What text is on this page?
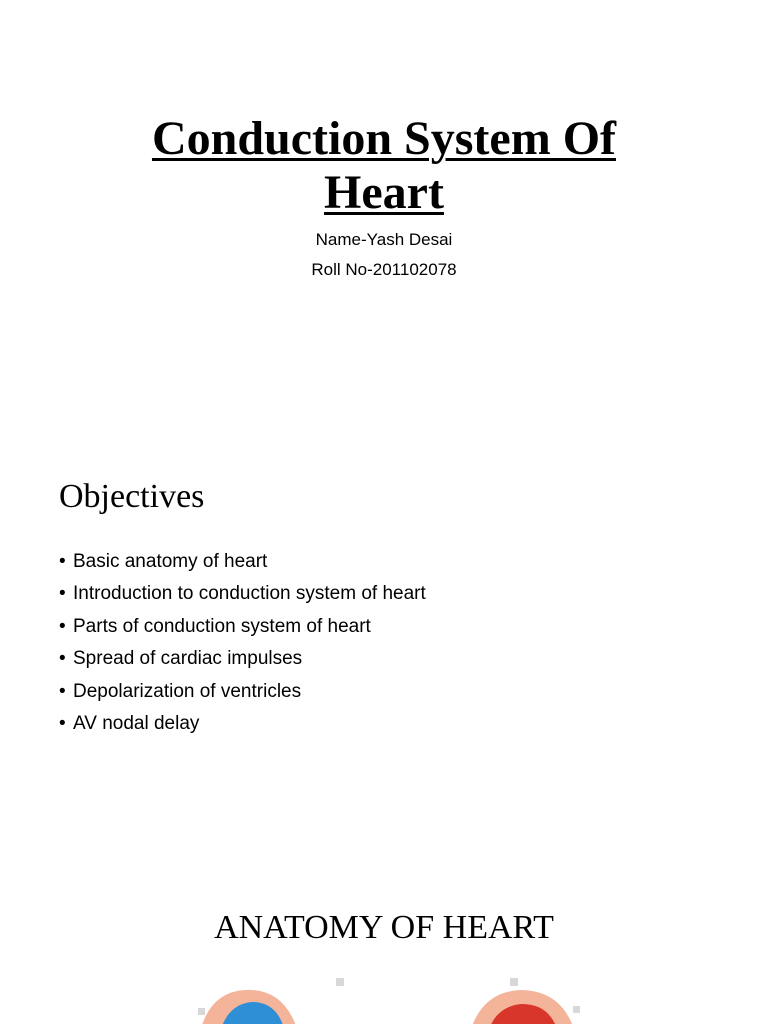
Conduction System Of
Heart
Name-Yash Desai
Roll No-201102078
Objectives
• Basic anatomy of heart
• Introduction to conduction system of heart
• Parts of conduction system of heart
• Spread of cardiac impulses
• Depolarization of ventricles
• AV nodal delay
ANATOMY OF HEART
